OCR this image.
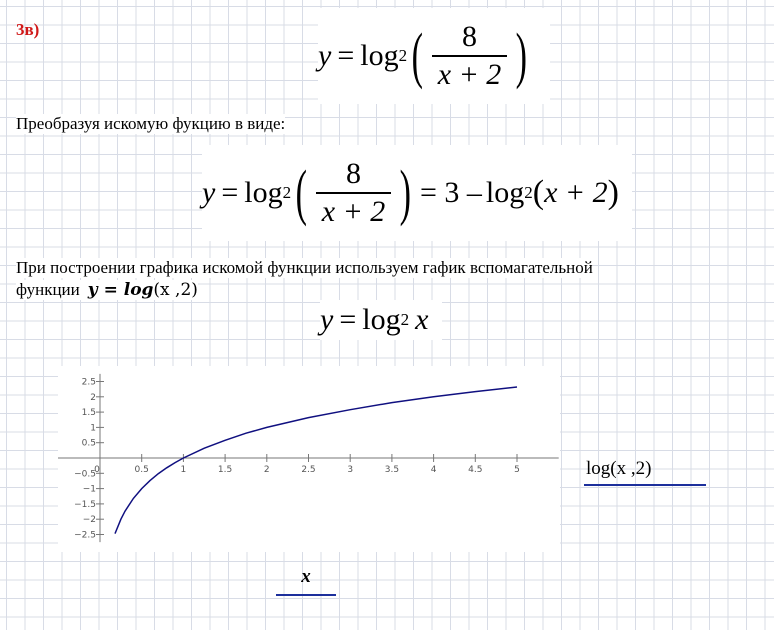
3в)
y = log 2 ( $\frac{8}{x + 2}$ )
Преобразуя искомую фукцию в виде:
y = log 2 ( $\frac{8}{x + 2}$ ) = 3 – log 2 ( x + 2 )
При построении графика искомой функции используем гафик вспомагательной
функции y = log(x ,2)
y = log 2 x
0	0.5	1	1.5	2	2.5	3	3.5	4	4.5	5
2.5
2
1.5
1
0.5
−0.5
−1
−1.5
−2
−2.5
log(x ,2)
x
